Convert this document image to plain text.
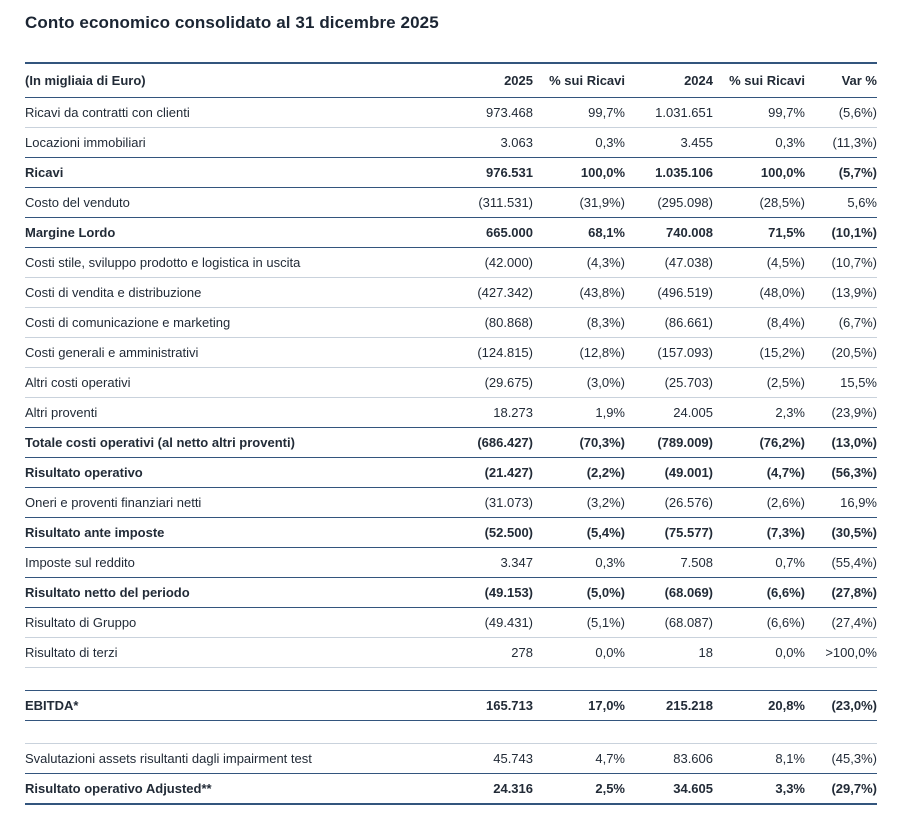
Conto economico consolidato al 31 dicembre 2025
(In migliaia di Euro)	2025	% sui Ricavi	2024	% sui Ricavi	Var %
Ricavi da contratti con clienti	973.468	99,7%	1.031.651	99,7%	(5,6%)
Locazioni immobiliari	3.063	0,3%	3.455	0,3%	(11,3%)
Ricavi	976.531	100,0%	1.035.106	100,0%	(5,7%)
Costo del venduto	(311.531)	(31,9%)	(295.098)	(28,5%)	5,6%
Margine Lordo	665.000	68,1%	740.008	71,5%	(10,1%)
Costi stile, sviluppo prodotto e logistica in uscita	(42.000)	(4,3%)	(47.038)	(4,5%)	(10,7%)
Costi di vendita e distribuzione	(427.342)	(43,8%)	(496.519)	(48,0%)	(13,9%)
Costi di comunicazione e marketing	(80.868)	(8,3%)	(86.661)	(8,4%)	(6,7%)
Costi generali e amministrativi	(124.815)	(12,8%)	(157.093)	(15,2%)	(20,5%)
Altri costi operativi	(29.675)	(3,0%)	(25.703)	(2,5%)	15,5%
Altri proventi	18.273	1,9%	24.005	2,3%	(23,9%)
Totale costi operativi (al netto altri proventi)	(686.427)	(70,3%)	(789.009)	(76,2%)	(13,0%)
Risultato operativo	(21.427)	(2,2%)	(49.001)	(4,7%)	(56,3%)
Oneri e proventi finanziari netti	(31.073)	(3,2%)	(26.576)	(2,6%)	16,9%
Risultato ante imposte	(52.500)	(5,4%)	(75.577)	(7,3%)	(30,5%)
Imposte sul reddito	3.347	0,3%	7.508	0,7%	(55,4%)
Risultato netto del periodo	(49.153)	(5,0%)	(68.069)	(6,6%)	(27,8%)
Risultato di Gruppo	(49.431)	(5,1%)	(68.087)	(6,6%)	(27,4%)
Risultato di terzi	278	0,0%	18	0,0%	>100,0%

EBITDA*	165.713	17,0%	215.218	20,8%	(23,0%)

Svalutazioni assets risultanti dagli impairment test	45.743	4,7%	83.606	8,1%	(45,3%)
Risultato operativo Adjusted**	24.316	2,5%	34.605	3,3%	(29,7%)
